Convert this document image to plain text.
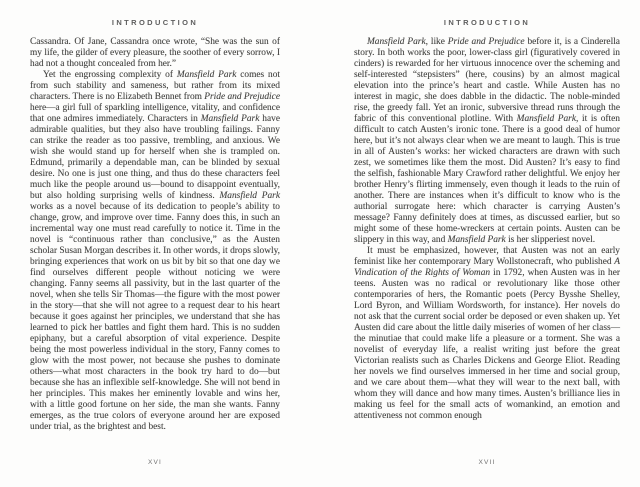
INTRODUCTION

Cassandra. Of Jane, Cassandra once wrote, “She was the sun of my life, the gilder of every pleasure, the soother of every sorrow, I had not a thought concealed from her.”

Yet the engrossing complexity of Mansfield Park comes not from such stability and sameness, but rather from its mixed characters. There is no Elizabeth Bennet from Pride and Prejudice here—a girl full of sparkling intelligence, vitality, and confidence that one admires immediately. Characters in Mansfield Park have admirable qualities, but they also have troubling failings. Fanny can strike the reader as too passive, trembling, and anxious. We wish she would stand up for herself when she is trampled on. Edmund, primarily a dependable man, can be blinded by sexual desire. No one is just one thing, and thus do these characters feel much like the people around us—bound to disappoint eventually, but also holding surprising wells of kindness. Mansfield Park works as a novel because of its dedication to people’s ability to change, grow, and improve over time. Fanny does this, in such an incremental way one must read carefully to notice it. Time in the novel is “continuous rather than conclusive,” as the Austen scholar Susan Morgan describes it. In other words, it drops slowly, bringing experiences that work on us bit by bit so that one day we find ourselves different people without noticing we were changing. Fanny seems all passivity, but in the last quarter of the novel, when she tells Sir Thomas—the figure with the most power in the story—that she will not agree to a request dear to his heart because it goes against her principles, we understand that she has learned to pick her battles and fight them hard. This is no sudden epiphany, but a careful absorption of vital experience. Despite being the most powerless individual in the story, Fanny comes to glow with the most power, not because she pushes to dominate others—what most characters in the book try hard to do—but because she has an inflexible self-knowledge. She will not bend in her principles. This makes her eminently lovable and wins her, with a little good fortune on her side, the man she wants. Fanny emerges, as the true colors of everyone around her are exposed under trial, as the brightest and best.

XVI
INTRODUCTION

Mansfield Park, like Pride and Prejudice before it, is a Cinderella story. In both works the poor, lower-class girl (figuratively covered in cinders) is rewarded for her virtuous innocence over the scheming and self-interested “stepsisters” (here, cousins) by an almost magical elevation into the prince’s heart and castle. While Austen has no interest in magic, she does dabble in the didactic. The noble-minded rise, the greedy fall. Yet an ironic, subversive thread runs through the fabric of this conventional plotline. With Mansfield Park, it is often difficult to catch Austen’s ironic tone. There is a good deal of humor here, but it’s not always clear when we are meant to laugh. This is true in all of Austen’s works: her wicked characters are drawn with such zest, we sometimes like them the most. Did Austen? It’s easy to find the selfish, fashionable Mary Crawford rather delightful. We enjoy her brother Henry’s flirting immensely, even though it leads to the ruin of another. There are instances when it’s difficult to know who is the authorial surrogate here: which character is carrying Austen’s message? Fanny definitely does at times, as discussed earlier, but so might some of these home-wreckers at certain points. Austen can be slippery in this way, and Mansfield Park is her slipperiest novel.

It must be emphasized, however, that Austen was not an early feminist like her contemporary Mary Wollstonecraft, who published A Vindication of the Rights of Woman in 1792, when Austen was in her teens. Austen was no radical or revolutionary like those other contemporaries of hers, the Romantic poets (Percy Bysshe Shelley, Lord Byron, and William Wordsworth, for instance). Her novels do not ask that the current social order be deposed or even shaken up. Yet Austen did care about the little daily miseries of women of her class—the minutiae that could make life a pleasure or a torment. She was a novelist of everyday life, a realist writing just before the great Victorian realists such as Charles Dickens and George Eliot. Reading her novels we find ourselves immersed in her time and social group, and we care about them—what they will wear to the next ball, with whom they will dance and how many times. Austen’s brilliance lies in making us feel for the small acts of womankind, an emotion and attentiveness not common enough

XVII
